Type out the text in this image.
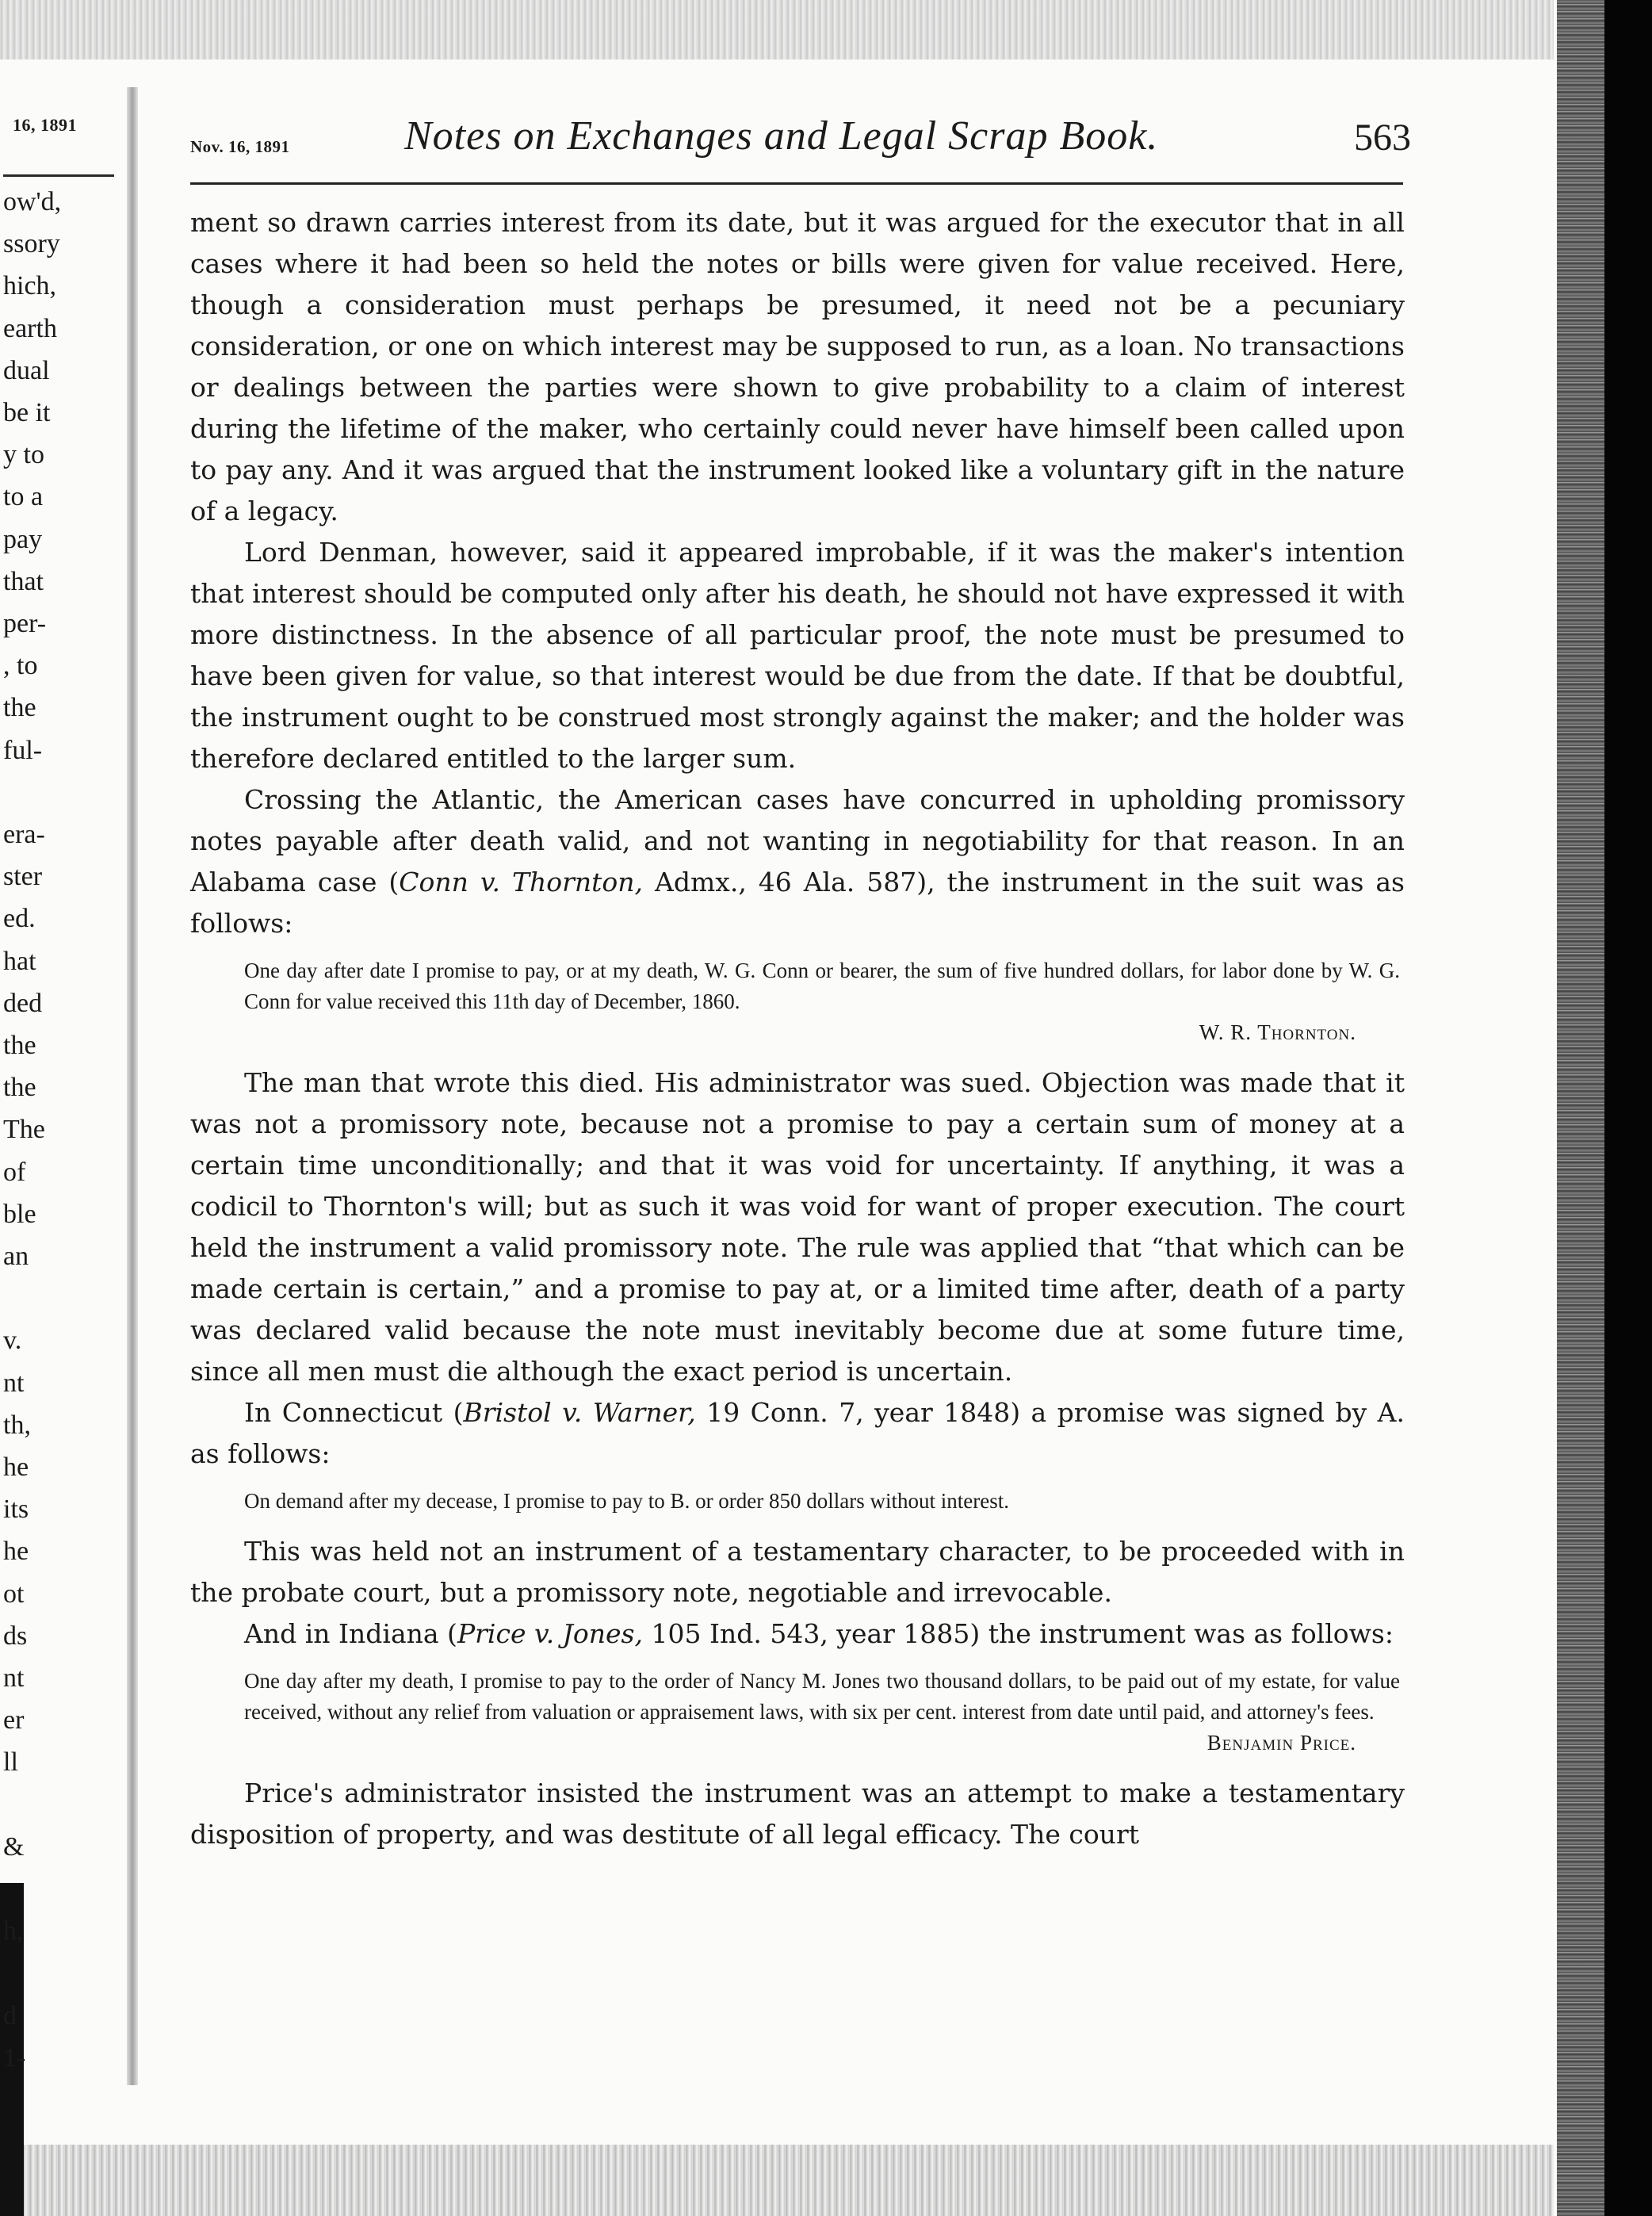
16, 1891
ow'd,
ssory
hich,
earth
dual
be it
y to
to a
pay
that
per-
, to
the
ful-
era-
ster
ed.
hat
ded
the
the
The
of
ble
an
v.
nt
th,
he
its
he
ot
ds
nt
er
ll
&
h,
d
1-
Nov. 16, 1891	Notes on Exchanges and Legal Scrap Book.	563

ment so drawn carries interest from its date, but it was argued for the executor that in all cases where it had been so held the notes or bills were given for value received. Here, though a consideration must perhaps be presumed, it need not be a pecuniary consideration, or one on which interest may be supposed to run, as a loan. No transactions or dealings between the parties were shown to give probability to a claim of interest during the lifetime of the maker, who certainly could never have himself been called upon to pay any. And it was argued that the instrument looked like a voluntary gift in the nature of a legacy.

Lord Denman, however, said it appeared improbable, if it was the maker's intention that interest should be computed only after his death, he should not have expressed it with more distinctness. In the absence of all particular proof, the note must be presumed to have been given for value, so that interest would be due from the date. If that be doubtful, the instrument ought to be construed most strongly against the maker; and the holder was therefore declared entitled to the larger sum.

Crossing the Atlantic, the American cases have concurred in upholding promissory notes payable after death valid, and not wanting in negotiability for that reason. In an Alabama case (Conn v. Thornton, Admx., 46 Ala. 587), the instrument in the suit was as follows:

One day after date I promise to pay, or at my death, W. G. Conn or bearer, the sum of five hundred dollars, for labor done by W. G. Conn for value received this 11th day of December, 1860.
W. R. Thornton.

The man that wrote this died. His administrator was sued. Objection was made that it was not a promissory note, because not a promise to pay a certain sum of money at a certain time unconditionally; and that it was void for uncertainty. If anything, it was a codicil to Thornton's will; but as such it was void for want of proper execution. The court held the instrument a valid promissory note. The rule was applied that “that which can be made certain is certain,” and a promise to pay at, or a limited time after, death of a party was declared valid because the note must inevitably become due at some future time, since all men must die although the exact period is uncertain.

In Connecticut (Bristol v. Warner, 19 Conn. 7, year 1848) a promise was signed by A. as follows:

On demand after my decease, I promise to pay to B. or order 850 dollars without interest.

This was held not an instrument of a testamentary character, to be proceeded with in the probate court, but a promissory note, negotiable and irrevocable.

And in Indiana (Price v. Jones, 105 Ind. 543, year 1885) the instrument was as follows:

One day after my death, I promise to pay to the order of Nancy M. Jones two thousand dollars, to be paid out of my estate, for value received, without any relief from valuation or appraisement laws, with six per cent. interest from date until paid, and attorney's fees.
Benjamin Price.

Price's administrator insisted the instrument was an attempt to make a testamentary disposition of property, and was destitute of all legal efficacy. The court
